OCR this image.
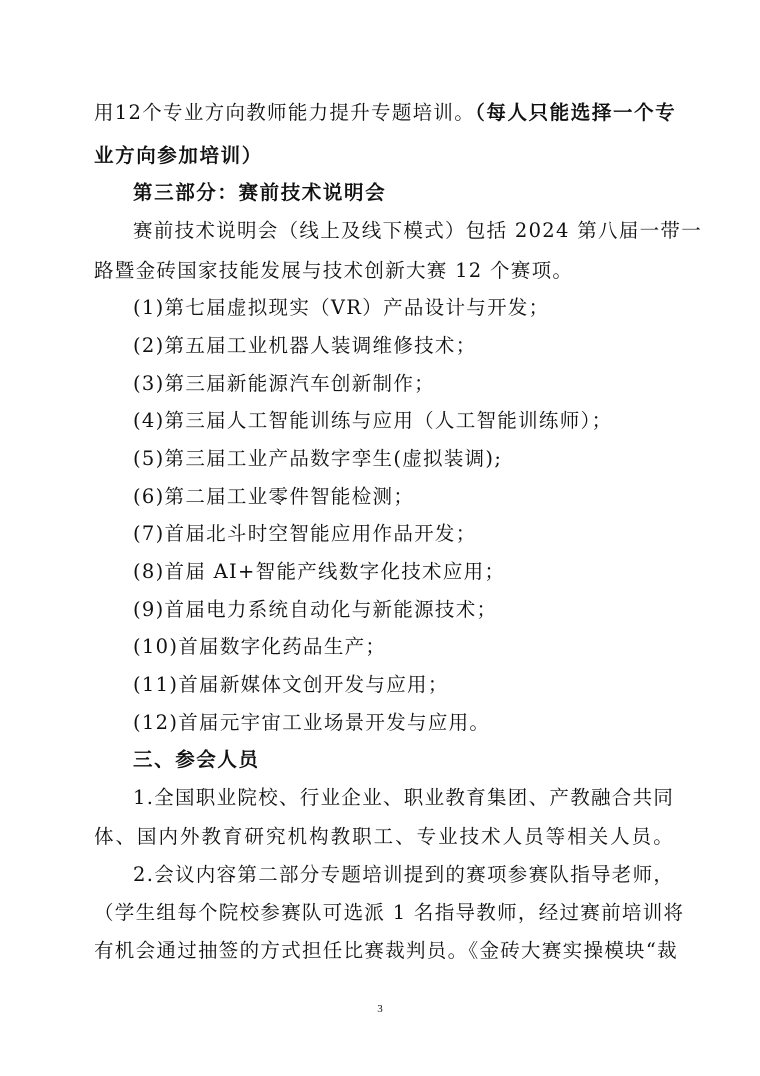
用12个专业方向教师能力提升专题培训。（每人只能选择一个专
业方向参加培训）
第三部分：赛前技术说明会
赛前技术说明会（线上及线下模式）包括 2024 第八届一带一
路暨金砖国家技能发展与技术创新大赛 12 个赛项。
(1)第七届虚拟现实（VR）产品设计与开发；
(2)第五届工业机器人装调维修技术；
(3)第三届新能源汽车创新制作；
(4)第三届人工智能训练与应用（人工智能训练师）；
(5)第三届工业产品数字孪生(虚拟装调);
(6)第二届工业零件智能检测；
(7)首届北斗时空智能应用作品开发；
(8)首届 AI+智能产线数字化技术应用；
(9)首届电力系统自动化与新能源技术；
(10)首届数字化药品生产；
(11)首届新媒体文创开发与应用；
(12)首届元宇宙工业场景开发与应用。
三、参会人员
1.全国职业院校、行业企业、职业教育集团、产教融合共同
体、国内外教育研究机构教职工、专业技术人员等相关人员。
2.会议内容第二部分专题培训提到的赛项参赛队指导老师，
（学生组每个院校参赛队可选派 1 名指导教师，经过赛前培训将
有机会通过抽签的方式担任比赛裁判员。《金砖大赛实操模块“裁
3
